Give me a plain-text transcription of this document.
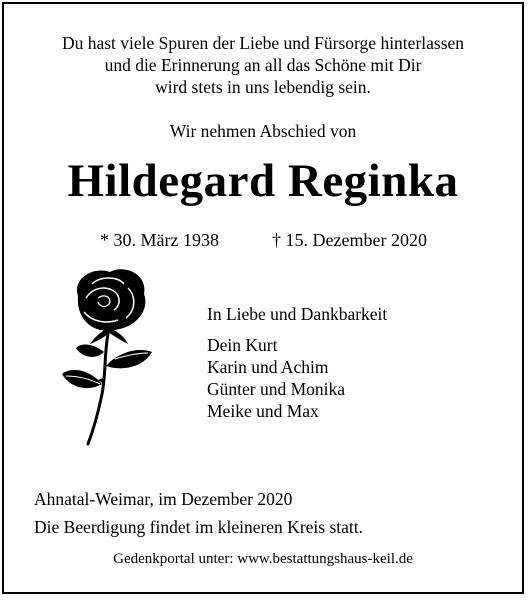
Du hast viele Spuren der Liebe und Fürsorge hinterlassen
und die Erinnerung an all das Schöne mit Dir
wird stets in uns lebendig sein.
Wir nehmen Abschied von
Hildegard Reginka
* 30. März 1938	† 15. Dezember 2020
In Liebe und Dankbarkeit
Dein Kurt
Karin und Achim
Günter und Monika
Meike und Max
Ahnatal-Weimar, im Dezember 2020
Die Beerdigung findet im kleineren Kreis statt.
Gedenkportal unter: www.bestattungshaus-keil.de
